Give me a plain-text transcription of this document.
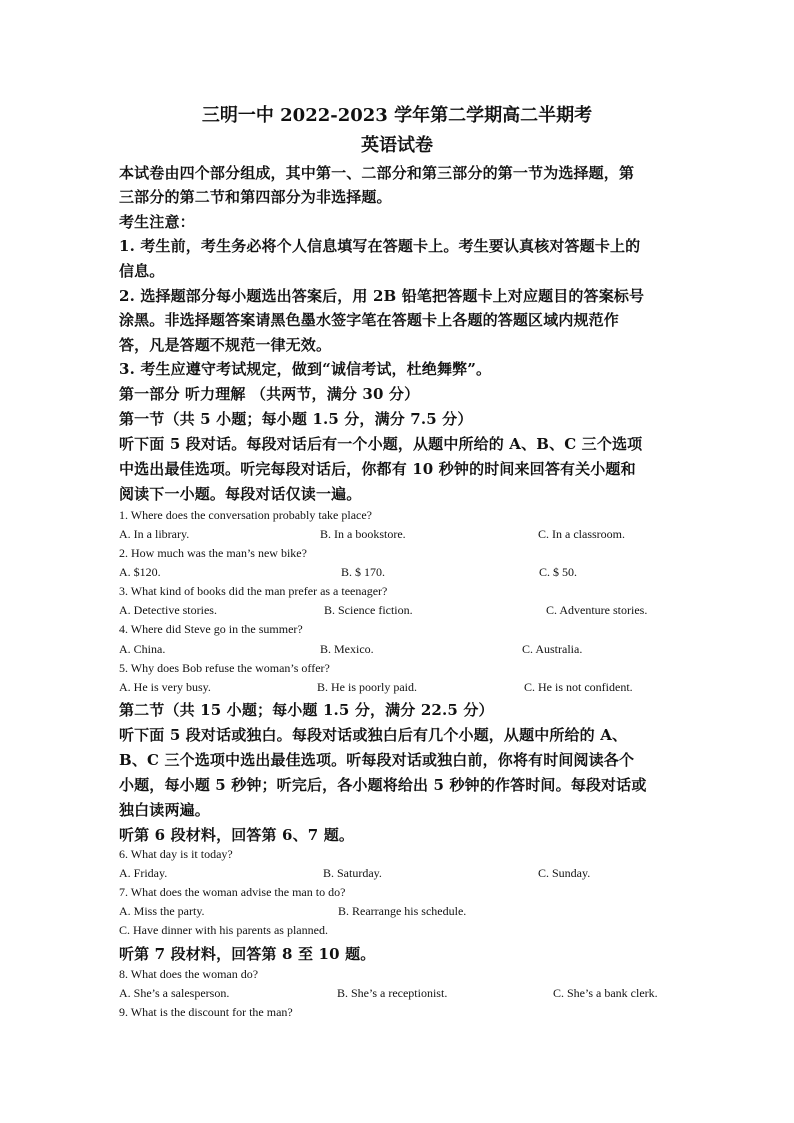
三明一中 2022-2023 学年第二学期高二半期考
英语试卷
本试卷由四个部分组成，其中第一、二部分和第三部分的第一节为选择题，第
三部分的第二节和第四部分为非选择题。
考生注意：
1. 考生前，考生务必将个人信息填写在答题卡上。考生要认真核对答题卡上的
信息。
2. 选择题部分每小题选出答案后，用 2B 铅笔把答题卡上对应题目的答案标号
涂黑。非选择题答案请黑色墨水签字笔在答题卡上各题的答题区域内规范作
答，凡是答题不规范一律无效。
3. 考生应遵守考试规定，做到“诚信考试，杜绝舞弊”。
第一部分 听力理解 （共两节，满分 30 分）
第一节（共 5 小题；每小题 1.5 分，满分 7.5 分）
听下面 5 段对话。每段对话后有一个小题，从题中所给的 A、B、C 三个选项
中选出最佳选项。听完每段对话后，你都有 10 秒钟的时间来回答有关小题和
阅读下一小题。每段对话仅读一遍。
1. Where does the conversation probably take place?
A. In a library.	B. In a bookstore.	C. In a classroom.
2. How much was the man’s new bike?
A. $120.	B. $ 170.	C. $ 50.
3. What kind of books did the man prefer as a teenager?
A. Detective stories.	B. Science fiction.	C. Adventure stories.
4. Where did Steve go in the summer?
A. China.	B. Mexico.	C. Australia.
5. Why does Bob refuse the woman’s offer?
A. He is very busy.	B. He is poorly paid.	C. He is not confident.
第二节（共 15 小题；每小题 1.5 分，满分 22.5 分）
听下面 5 段对话或独白。每段对话或独白后有几个小题，从题中所给的 A、
B、C 三个选项中选出最佳选项。听每段对话或独白前，你将有时间阅读各个
小题，每小题 5 秒钟；听完后，各小题将给出 5 秒钟的作答时间。每段对话或
独白读两遍。
听第 6 段材料，回答第 6、7 题。
6. What day is it today?
A. Friday.	B. Saturday.	C. Sunday.
7. What does the woman advise the man to do?
A. Miss the party.	B. Rearrange his schedule.
C. Have dinner with his parents as planned.
听第 7 段材料，回答第 8 至 10 题。
8. What does the woman do?
A. She’s a salesperson.	B. She’s a receptionist.	C. She’s a bank clerk.
9. What is the discount for the man?
